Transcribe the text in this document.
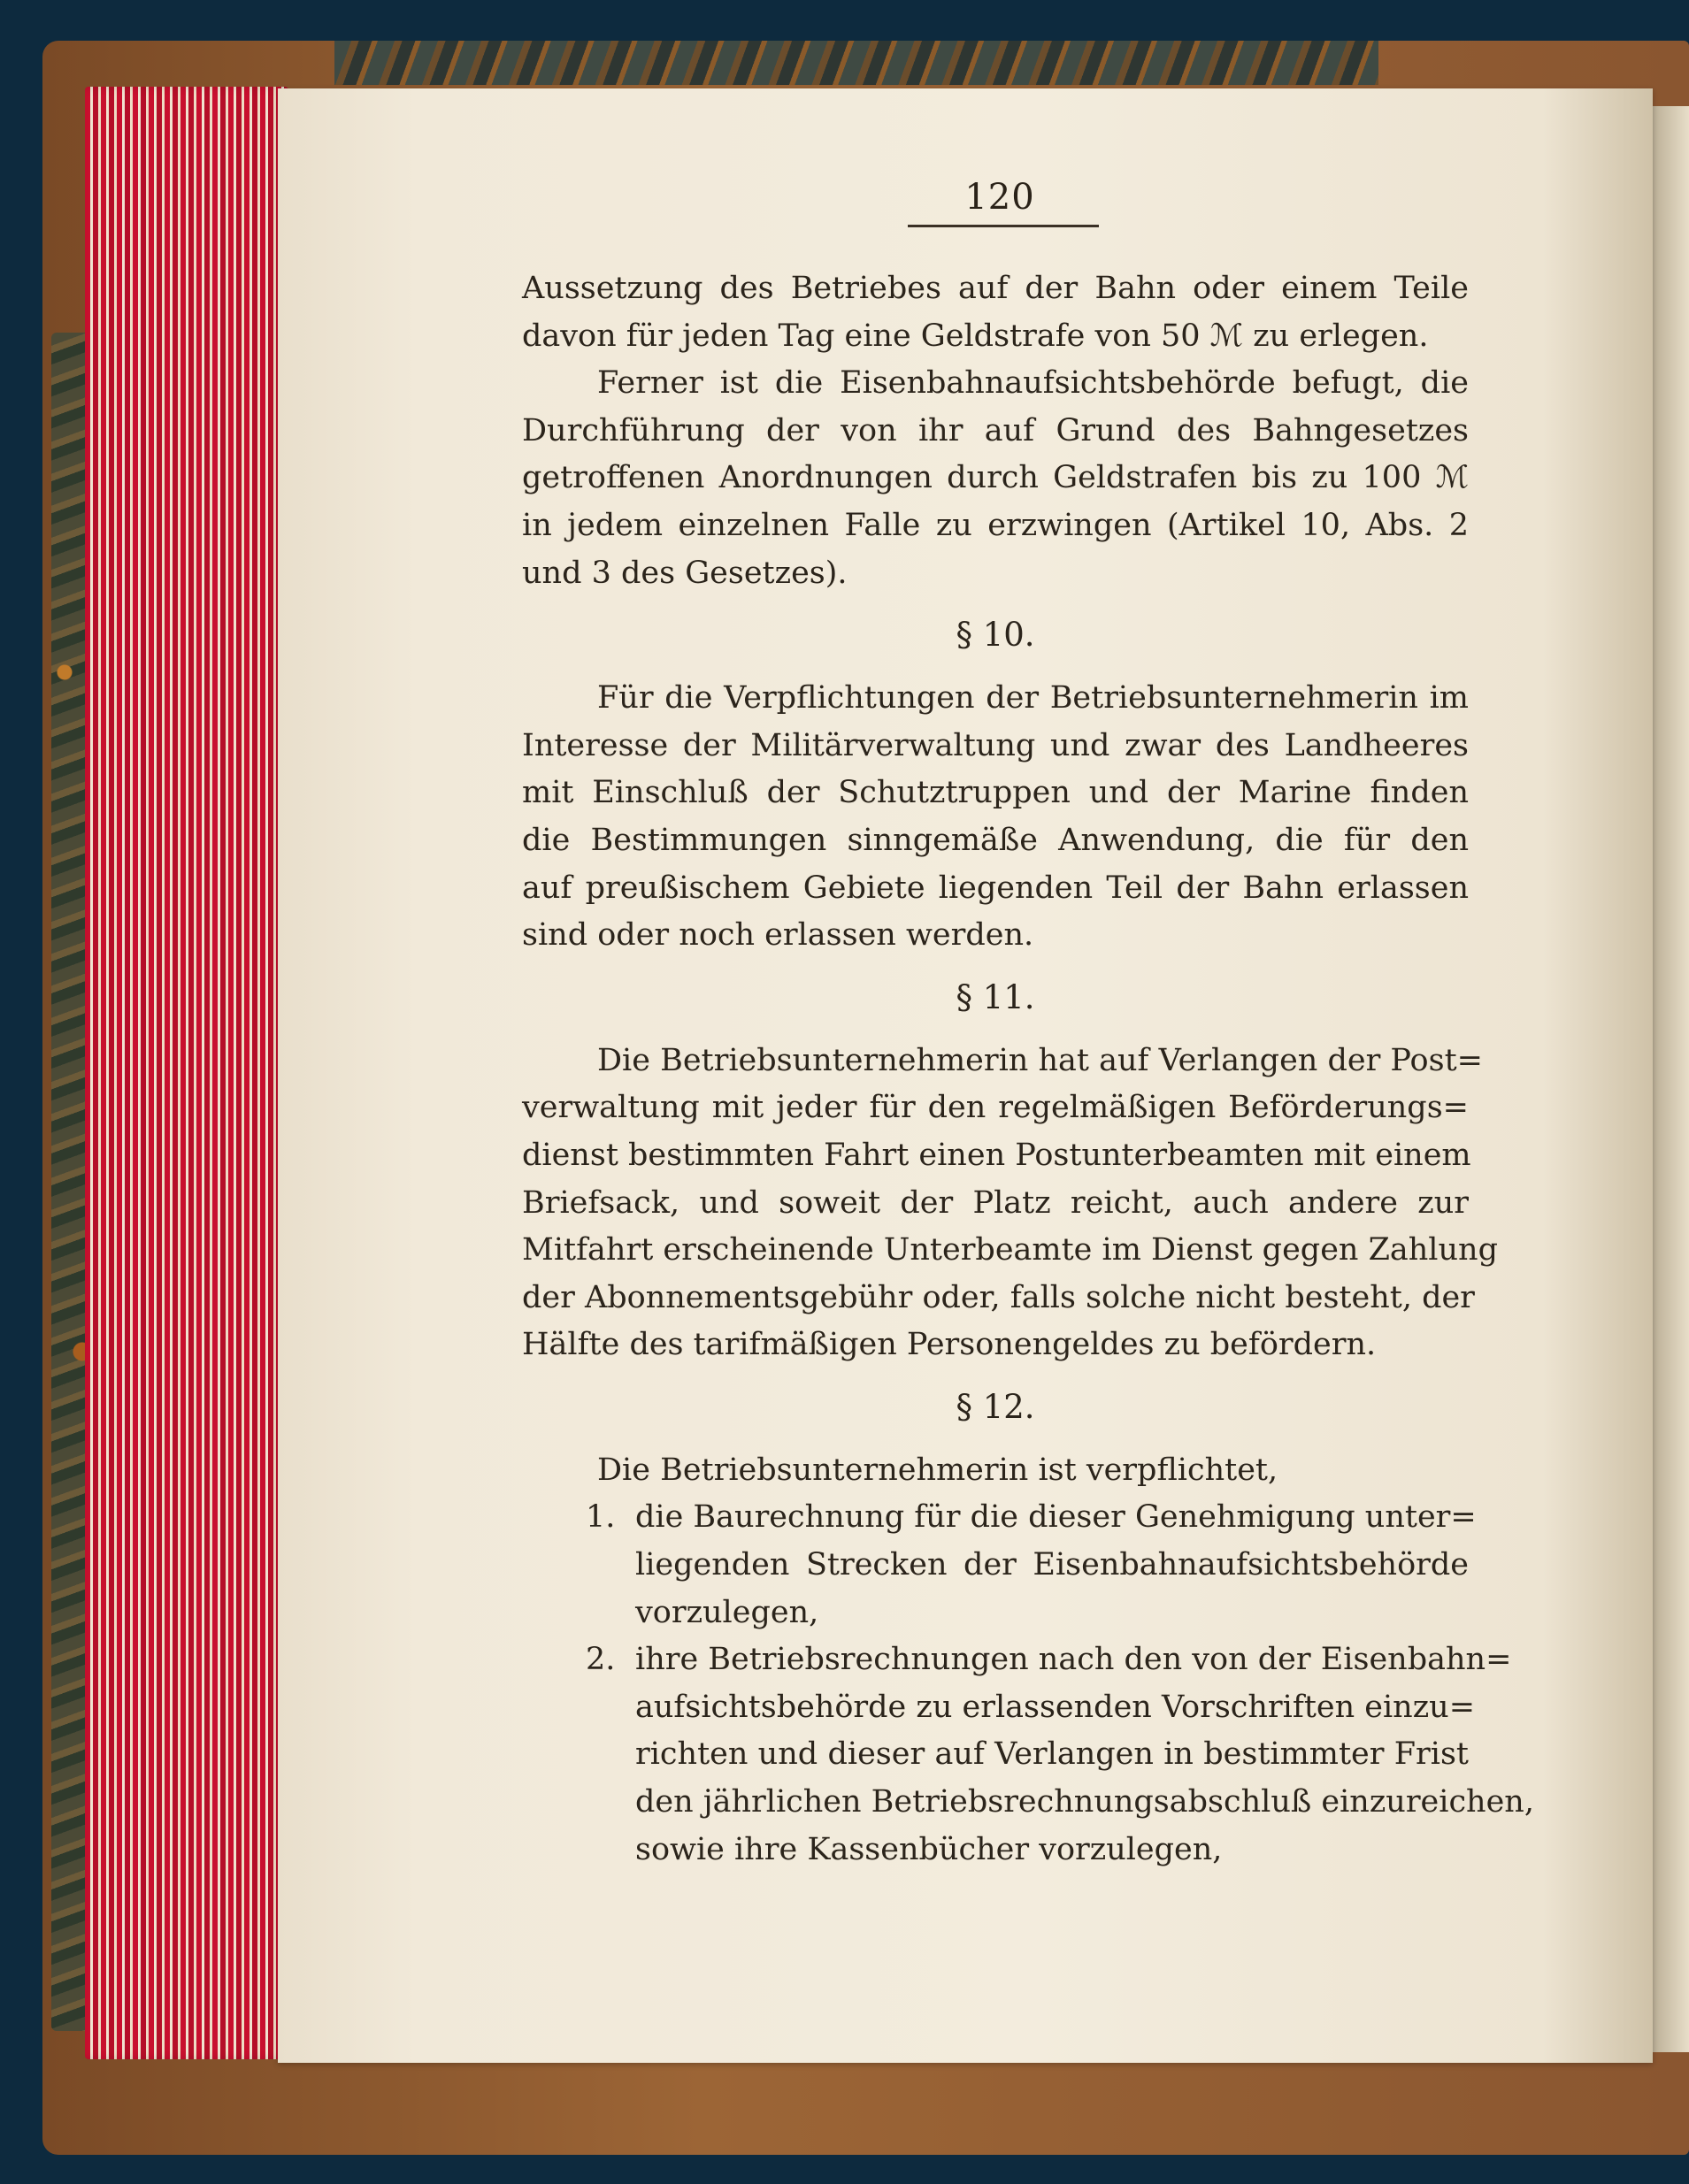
120
Aussetzung des Betriebes auf der Bahn oder einem Teile
davon für jeden Tag eine Geldstrafe von 50 ℳ zu erlegen.
Ferner ist die Eisenbahnaufsichtsbehörde befugt, die
Durchführung der von ihr auf Grund des Bahngesetzes
getroffenen Anordnungen durch Geldstrafen bis zu 100 ℳ
in jedem einzelnen Falle zu erzwingen (Artikel 10, Abs. 2
und 3 des Gesetzes).
§ 10.
Für die Verpflichtungen der Betriebsunternehmerin im
Interesse der Militärverwaltung und zwar des Landheeres
mit Einschluß der Schutztruppen und der Marine finden
die Bestimmungen sinngemäße Anwendung, die für den
auf preußischem Gebiete liegenden Teil der Bahn erlassen
sind oder noch erlassen werden.
§ 11.
Die Betriebsunternehmerin hat auf Verlangen der Post=
verwaltung mit jeder für den regelmäßigen Beförderungs=
dienst bestimmten Fahrt einen Postunterbeamten mit einem
Briefsack, und soweit der Platz reicht, auch andere zur
Mitfahrt erscheinende Unterbeamte im Dienst gegen Zahlung
der Abonnementsgebühr oder, falls solche nicht besteht, der
Hälfte des tarifmäßigen Personengeldes zu befördern.
§ 12.
Die Betriebsunternehmerin ist verpflichtet,
1. die Baurechnung für die dieser Genehmigung unter=
liegenden Strecken der Eisenbahnaufsichtsbehörde
vorzulegen,
2. ihre Betriebsrechnungen nach den von der Eisenbahn=
aufsichtsbehörde zu erlassenden Vorschriften einzu=
richten und dieser auf Verlangen in bestimmter Frist
den jährlichen Betriebsrechnungsabschluß einzureichen,
sowie ihre Kassenbücher vorzulegen,
